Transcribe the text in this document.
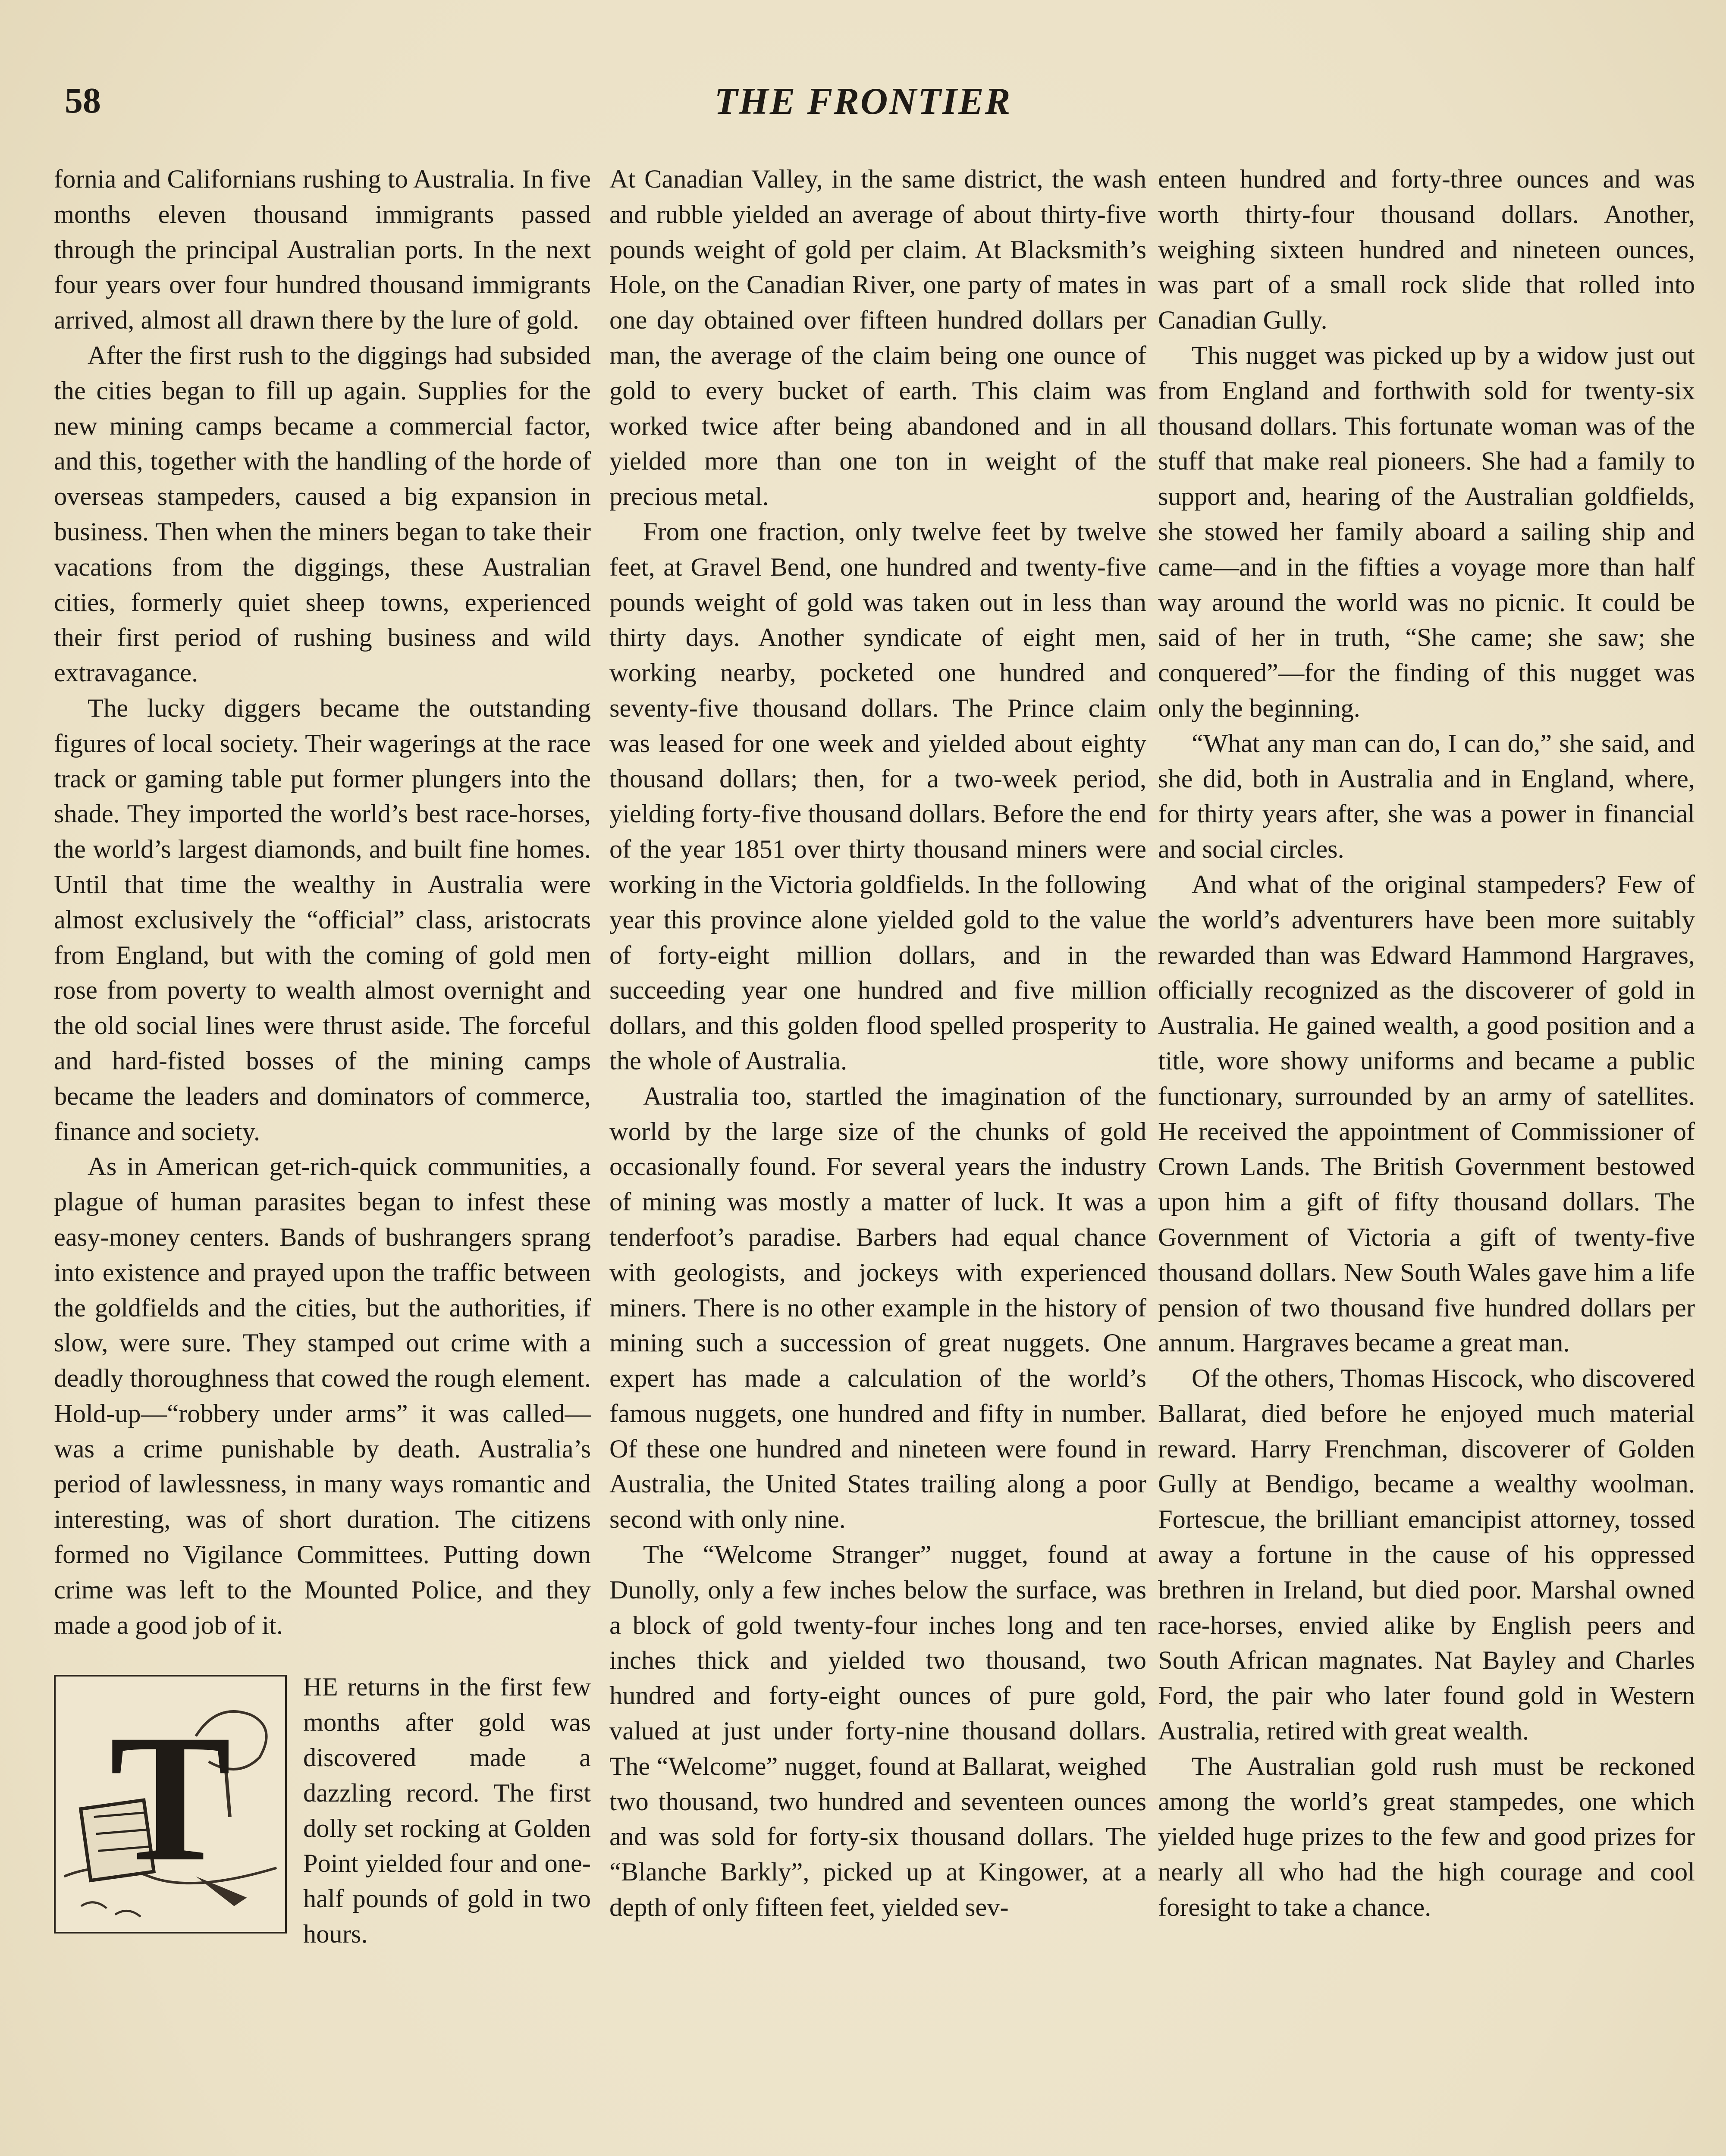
58	THE FRONTIER

fornia and Californians rushing to Australia. In five months eleven thousand immigrants passed through the principal Australian ports. In the next four years over four hundred thousand immigrants arrived, almost all drawn there by the lure of gold.

After the first rush to the diggings had subsided the cities began to fill up again. Supplies for the new mining camps became a commercial factor, and this, together with the handling of the horde of overseas stampeders, caused a big expansion in business. Then when the miners began to take their vacations from the diggings, these Australian cities, formerly quiet sheep towns, experienced their first period of rushing business and wild extravagance.

The lucky diggers became the outstanding figures of local society. Their wagerings at the race track or gaming table put former plungers into the shade. They imported the world’s best race-horses, the world’s largest diamonds, and built fine homes. Until that time the wealthy in Australia were almost exclusively the “official” class, aristocrats from England, but with the coming of gold men rose from poverty to wealth almost overnight and the old social lines were thrust aside. The forceful and hard-fisted bosses of the mining camps became the leaders and dominators of commerce, finance and society.

As in American get-rich-quick communities, a plague of human parasites began to infest these easy-money centers. Bands of bushrangers sprang into existence and prayed upon the traffic between the goldfields and the cities, but the authorities, if slow, were sure. They stamped out crime with a deadly thoroughness that cowed the rough element. Hold-up—“robbery under arms” it was called—was a crime punishable by death. Australia’s period of lawlessness, in many ways romantic and interesting, was of short duration. The citizens formed no Vigilance Committees. Putting down crime was left to the Mounted Police, and they made a good job of it.

T

HE returns in the first few months after gold was discovered made a dazzling record. The first dolly set rocking at Golden Point yielded four and one-half pounds of gold in two hours.

At Canadian Valley, in the same district, the wash and rubble yielded an average of about thirty-five pounds weight of gold per claim. At Blacksmith’s Hole, on the Canadian River, one party of mates in one day obtained over fifteen hundred dollars per man, the average of the claim being one ounce of gold to every bucket of earth. This claim was worked twice after being abandoned and in all yielded more than one ton in weight of the precious metal.

From one fraction, only twelve feet by twelve feet, at Gravel Bend, one hundred and twenty-five pounds weight of gold was taken out in less than thirty days. Another syndicate of eight men, working nearby, pocketed one hundred and seventy-five thousand dollars. The Prince claim was leased for one week and yielded about eighty thousand dollars; then, for a two-week period, yielding forty-five thousand dollars. Before the end of the year 1851 over thirty thousand miners were working in the Victoria goldfields. In the following year this province alone yielded gold to the value of forty-eight million dollars, and in the succeeding year one hundred and five million dollars, and this golden flood spelled prosperity to the whole of Australia.

Australia too, startled the imagination of the world by the large size of the chunks of gold occasionally found. For several years the industry of mining was mostly a matter of luck. It was a tenderfoot’s paradise. Barbers had equal chance with geologists, and jockeys with experienced miners. There is no other example in the history of mining such a succession of great nuggets. One expert has made a calculation of the world’s famous nuggets, one hundred and fifty in number. Of these one hundred and nineteen were found in Australia, the United States trailing along a poor second with only nine.

The “Welcome Stranger” nugget, found at Dunolly, only a few inches below the surface, was a block of gold twenty-four inches long and ten inches thick and yielded two thousand, two hundred and forty-eight ounces of pure gold, valued at just under forty-nine thousand dollars. The “Welcome” nugget, found at Ballarat, weighed two thousand, two hundred and seventeen ounces and was sold for forty-six thousand dollars. The “Blanche Barkly”, picked up at Kingower, at a depth of only fifteen feet, yielded sev-

enteen hundred and forty-three ounces and was worth thirty-four thousand dollars. Another, weighing sixteen hundred and nineteen ounces, was part of a small rock slide that rolled into Canadian Gully.

This nugget was picked up by a widow just out from England and forthwith sold for twenty-six thousand dollars. This fortunate woman was of the stuff that make real pioneers. She had a family to support and, hearing of the Australian goldfields, she stowed her family aboard a sailing ship and came—and in the fifties a voyage more than half way around the world was no picnic. It could be said of her in truth, “She came; she saw; she conquered”—for the finding of this nugget was only the beginning.

“What any man can do, I can do,” she said, and she did, both in Australia and in England, where, for thirty years after, she was a power in financial and social circles.

And what of the original stampeders? Few of the world’s adventurers have been more suitably rewarded than was Edward Hammond Hargraves, officially recognized as the discoverer of gold in Australia. He gained wealth, a good position and a title, wore showy uniforms and became a public functionary, surrounded by an army of satellites. He received the appointment of Commissioner of Crown Lands. The British Government bestowed upon him a gift of fifty thousand dollars. The Government of Victoria a gift of twenty-five thousand dollars. New South Wales gave him a life pension of two thousand five hundred dollars per annum. Hargraves became a great man.

Of the others, Thomas Hiscock, who discovered Ballarat, died before he enjoyed much material reward. Harry Frenchman, discoverer of Golden Gully at Bendigo, became a wealthy woolman. Fortescue, the brilliant emancipist attorney, tossed away a fortune in the cause of his oppressed brethren in Ireland, but died poor. Marshal owned race-horses, envied alike by English peers and South African magnates. Nat Bayley and Charles Ford, the pair who later found gold in Western Australia, retired with great wealth.

The Australian gold rush must be reckoned among the world’s great stampedes, one which yielded huge prizes to the few and good prizes for nearly all who had the high courage and cool foresight to take a chance.
